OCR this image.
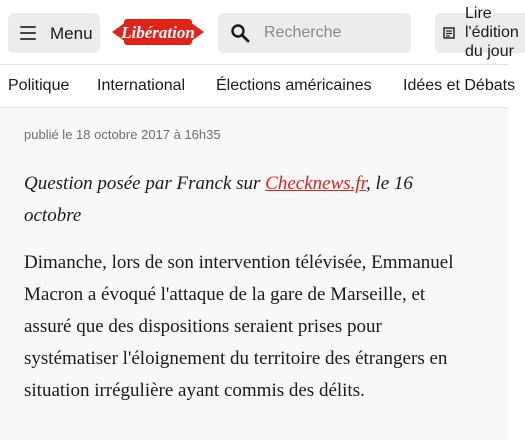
Menu Libération
Recherche
Lire
l'édition
du jour
Politique International Élections américaines Idées et Débats
publié le 18 octobre 2017 à 16h35

Question posée par Franck sur Checknews.fr, le 16 octobre

Dimanche, lors de son intervention télévisée, Emmanuel Macron a évoqué l'attaque de la gare de Marseille, et assuré que des dispositions seraient prises pour systématiser l'éloignement du territoire des étrangers en situation irrégulière ayant commis des délits.
